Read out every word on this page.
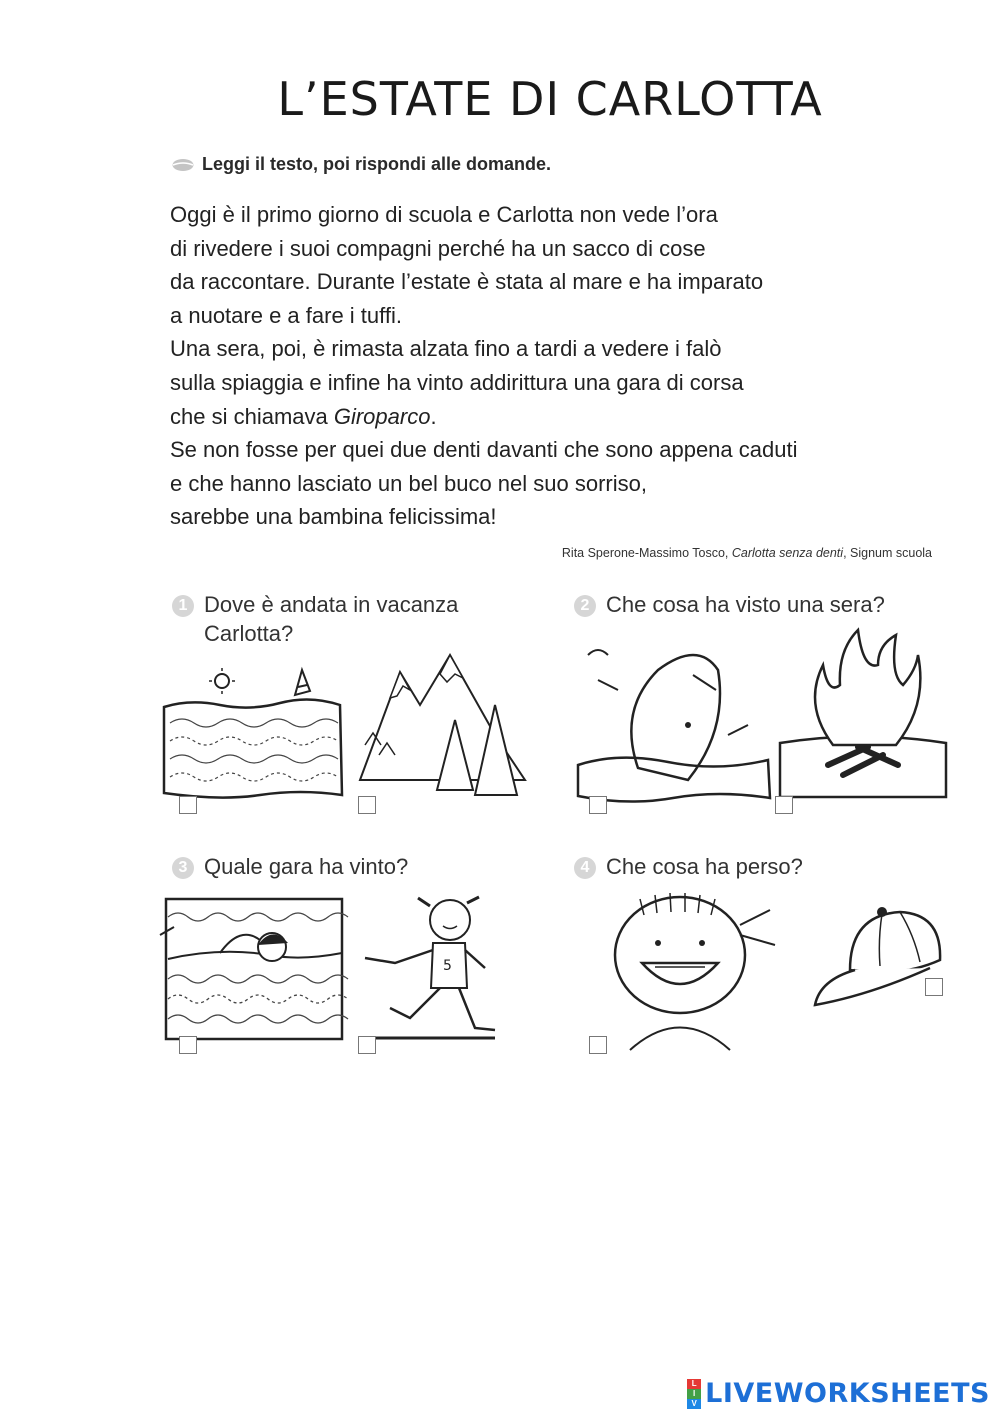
L’ESTATE DI CARLOTTA
Leggi il testo, poi rispondi alle domande.

Oggi è il primo giorno di scuola e Carlotta non vede l’ora

di rivedere i suoi compagni perché ha un sacco di cose

da raccontare. Durante l’estate è stata al mare e ha imparato

a nuotare e a fare i tuffi.

Una sera, poi, è rimasta alzata fino a tardi a vedere i falò

sulla spiaggia e infine ha vinto addirittura una gara di corsa

che si chiamava Giroparco.

Se non fosse per quei due denti davanti che sono appena caduti

e che hanno lasciato un bel buco nel suo sorriso,

sarebbe una bambina felicissima!

Rita Sperone-Massimo Tosco, Carlotta senza denti, Signum scuola
1 Dove è andata in vacanza
Carlotta?
2 Che cosa ha visto una sera?
3 Quale gara ha vinto?	4 Che cosa ha perso?
5
L
I
V LIVEWORKSHEETS
